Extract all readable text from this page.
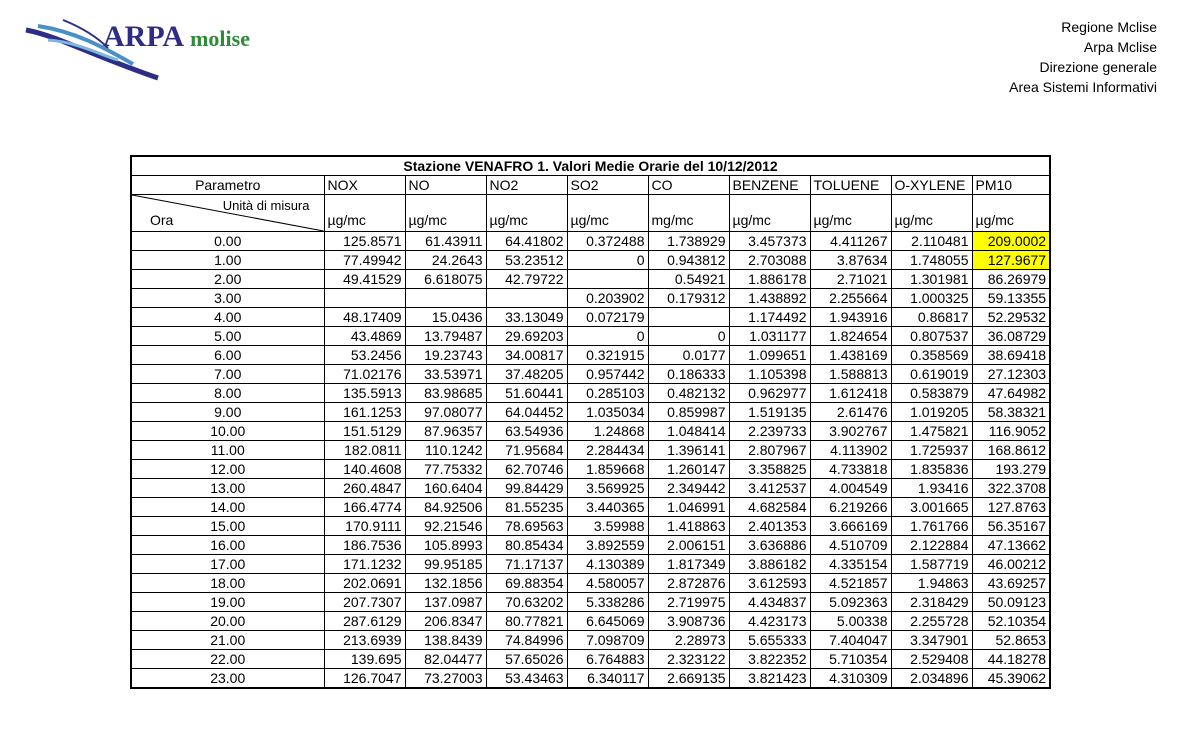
ARPA molise	Regione Mclise
Arpa Mclise
Direzione generale
Area Sistemi Informativi
Stazione VENAFRO 1. Valori Medie Orarie del 10/12/2012									
Parametro	NOX	NO	NO2	SO2	CO	BENZENE	TOLUENE	O-XYLENE	PM10

Unità di misura
Ora	µg/mc	µg/mc	µg/mc	µg/mc	mg/mc	µg/mc	µg/mc	µg/mc	µg/mc
0.00	125.8571	61.43911	64.41802	0.372488	1.738929	3.457373	4.411267	2.110481	209.0002
1.00	77.49942	24.2643	53.23512	0	0.943812	2.703088	3.87634	1.748055	127.9677
2.00	49.41529	6.618075	42.79722		0.54921	1.886178	2.71021	1.301981	86.26979
3.00				0.203902	0.179312	1.438892	2.255664	1.000325	59.13355
4.00	48.17409	15.0436	33.13049	0.072179		1.174492	1.943916	0.86817	52.29532
5.00	43.4869	13.79487	29.69203	0	0	1.031177	1.824654	0.807537	36.08729
6.00	53.2456	19.23743	34.00817	0.321915	0.0177	1.099651	1.438169	0.358569	38.69418
7.00	71.02176	33.53971	37.48205	0.957442	0.186333	1.105398	1.588813	0.619019	27.12303
8.00	135.5913	83.98685	51.60441	0.285103	0.482132	0.962977	1.612418	0.583879	47.64982
9.00	161.1253	97.08077	64.04452	1.035034	0.859987	1.519135	2.61476	1.019205	58.38321
10.00	151.5129	87.96357	63.54936	1.24868	1.048414	2.239733	3.902767	1.475821	116.9052
11.00	182.0811	110.1242	71.95684	2.284434	1.396141	2.807967	4.113902	1.725937	168.8612
12.00	140.4608	77.75332	62.70746	1.859668	1.260147	3.358825	4.733818	1.835836	193.279
13.00	260.4847	160.6404	99.84429	3.569925	2.349442	3.412537	4.004549	1.93416	322.3708
14.00	166.4774	84.92506	81.55235	3.440365	1.046991	4.682584	6.219266	3.001665	127.8763
15.00	170.9111	92.21546	78.69563	3.59988	1.418863	2.401353	3.666169	1.761766	56.35167
16.00	186.7536	105.8993	80.85434	3.892559	2.006151	3.636886	4.510709	2.122884	47.13662
17.00	171.1232	99.95185	71.17137	4.130389	1.817349	3.886182	4.335154	1.587719	46.00212
18.00	202.0691	132.1856	69.88354	4.580057	2.872876	3.612593	4.521857	1.94863	43.69257
19.00	207.7307	137.0987	70.63202	5.338286	2.719975	4.434837	5.092363	2.318429	50.09123
20.00	287.6129	206.8347	80.77821	6.645069	3.908736	4.423173	5.00338	2.255728	52.10354
21.00	213.6939	138.8439	74.84996	7.098709	2.28973	5.655333	7.404047	3.347901	52.8653
22.00	139.695	82.04477	57.65026	6.764883	2.323122	3.822352	5.710354	2.529408	44.18278
23.00	126.7047	73.27003	53.43463	6.340117	2.669135	3.821423	4.310309	2.034896	45.39062
